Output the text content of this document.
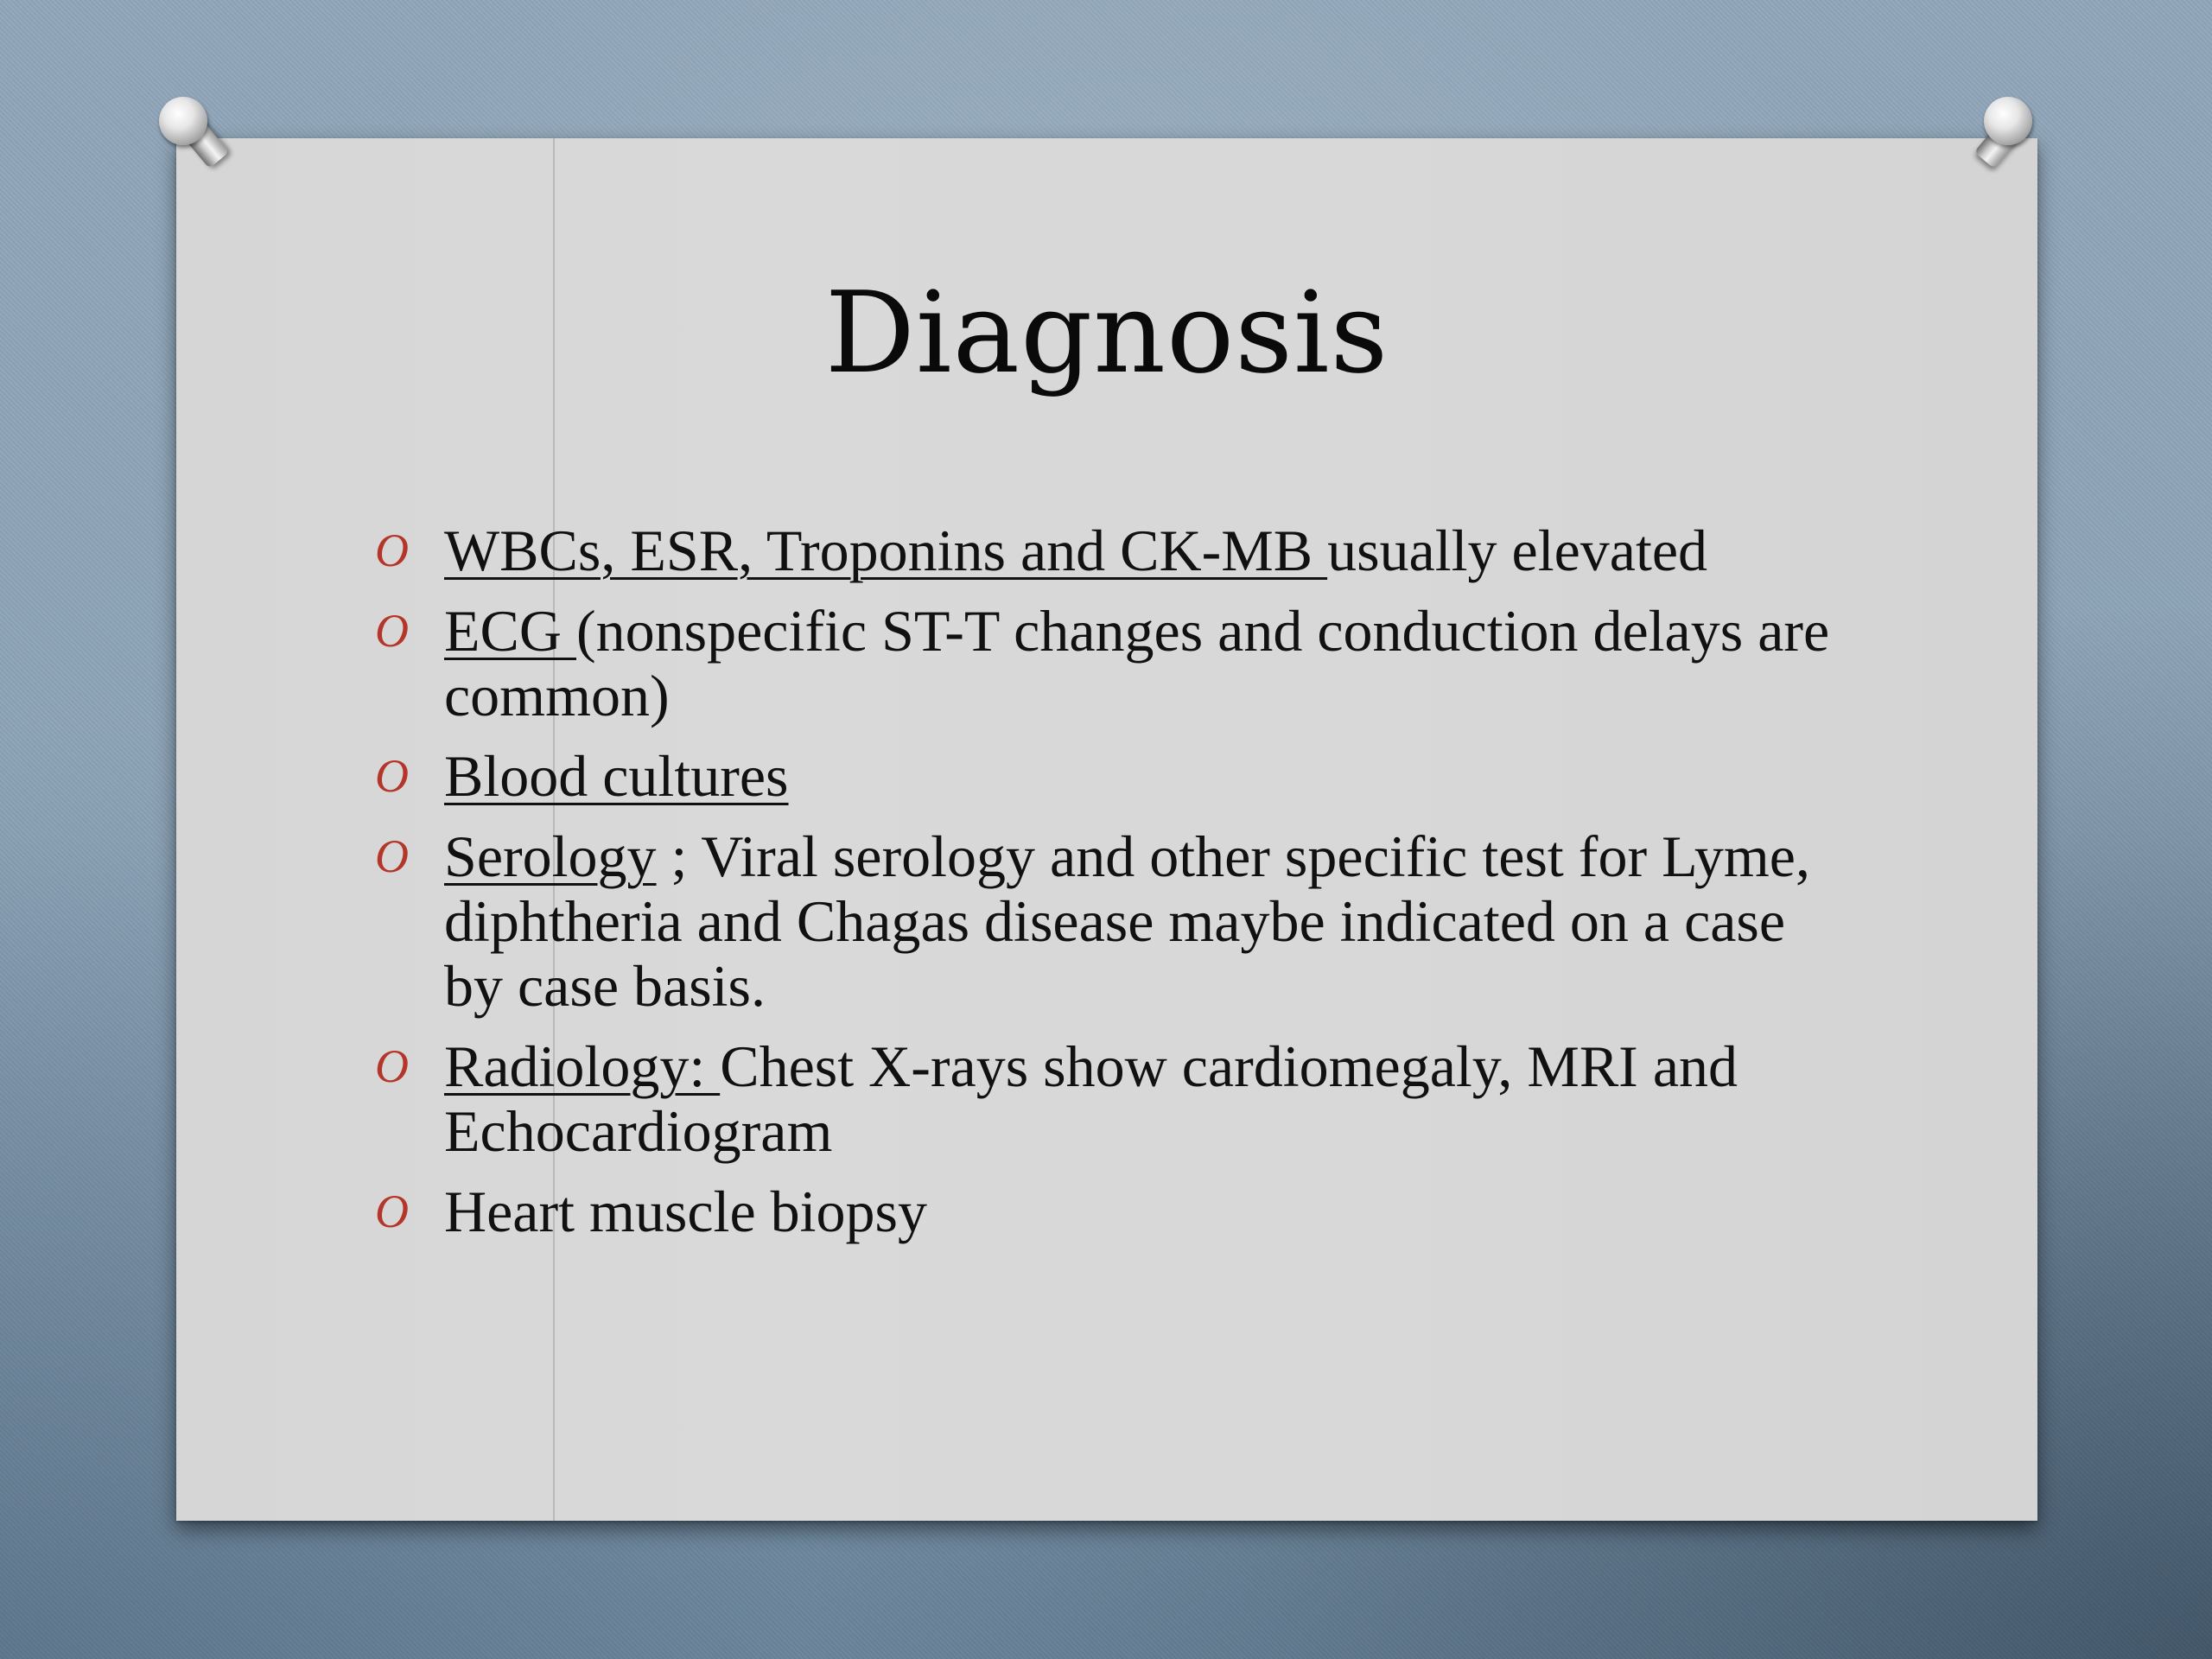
Diagnosis
O WBCs, ESR, Troponins and CK-MB usually elevated
O ECG (nonspecific ST-T changes and conduction delays are common)
O Blood cultures
O Serology ; Viral serology and other specific test for Lyme, diphtheria and Chagas disease maybe indicated on a case by case basis.
O Radiology: Chest X-rays show cardiomegaly, MRI and Echocardiogram
O Heart muscle biopsy
